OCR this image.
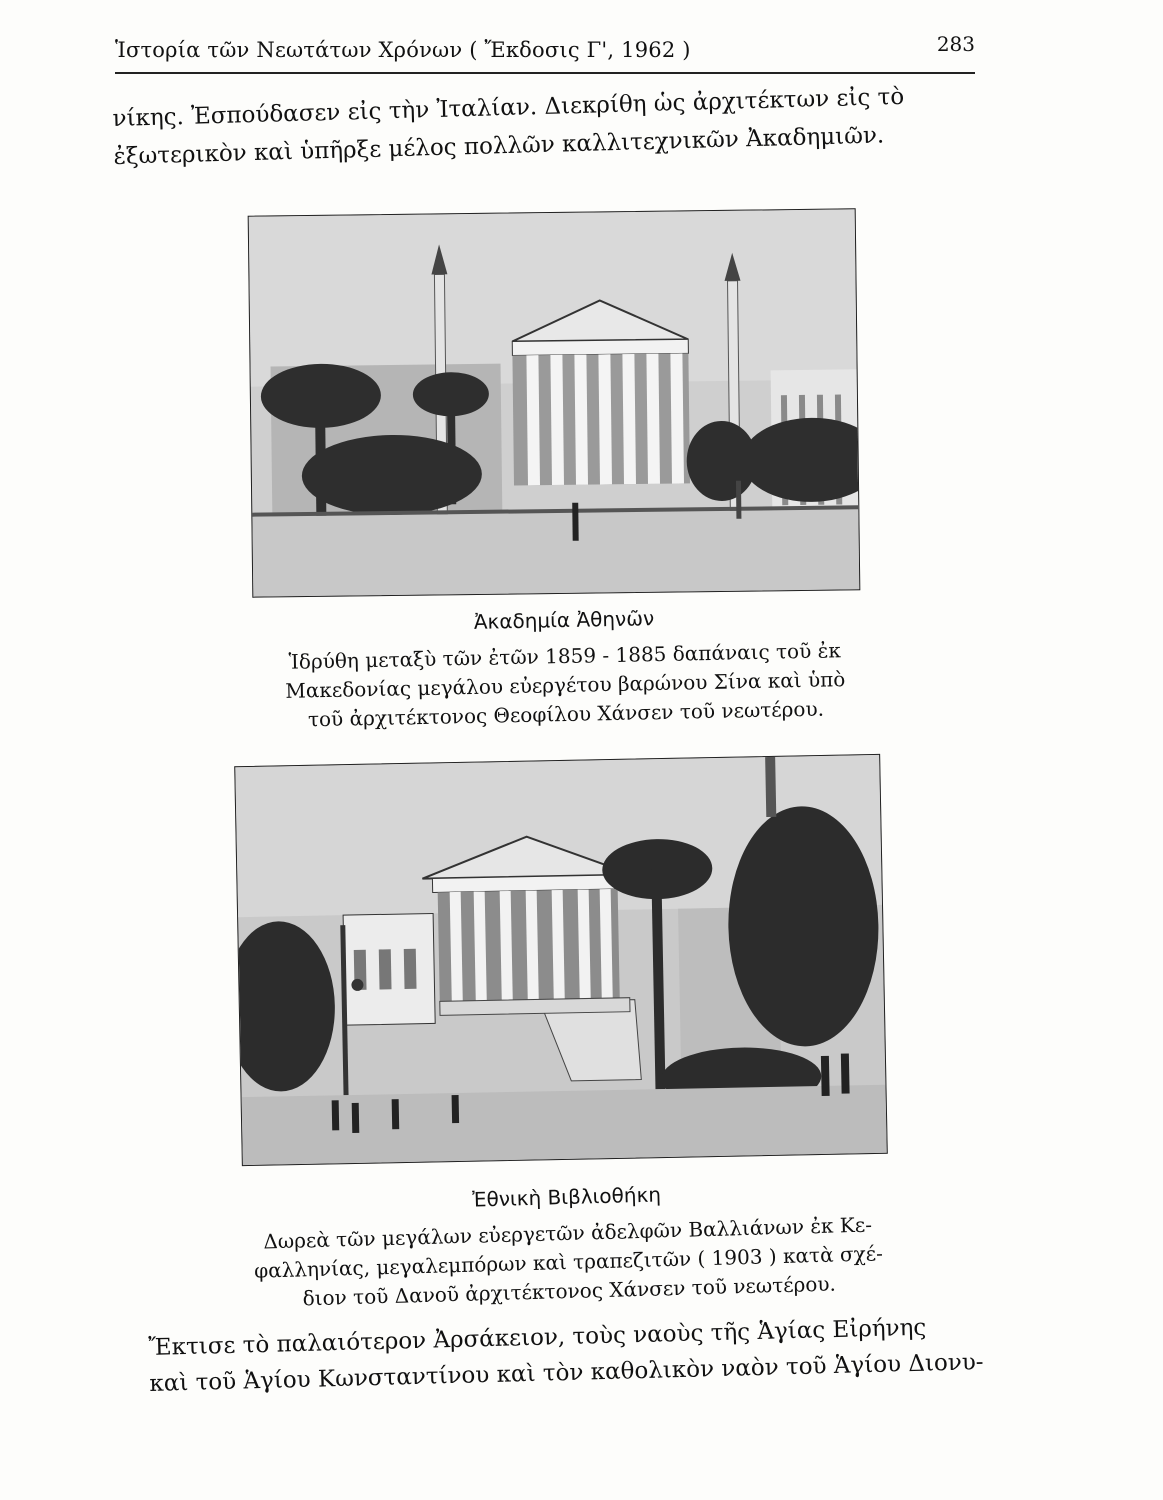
Ἱστορία τῶν Νεωτάτων Χρόνων ( Ἔκδοσις Γ', 1962 )	283

νίκης. Ἐσπούδασεν εἰς τὴν Ἰταλίαν. Διεκρίθη ὡς ἀρχιτέκτων εἰς τὸ

ἐξωτερικὸν καὶ ὑπῆρξε μέλος πολλῶν καλλιτεχνικῶν Ἀκαδημιῶν.

Ἀκαδημία Ἀθηνῶν
Ἱδρύθη μεταξὺ τῶν ἐτῶν 1859 - 1885 δαπάναις τοῦ ἐκ
Μακεδονίας μεγάλου εὐεργέτου βαρώνου Σίνα καὶ ὑπὸ
τοῦ ἀρχιτέκτονος Θεοφίλου Χάνσεν τοῦ νεωτέρου.
Ἐθνικὴ Βιβλιοθήκη
Δωρεὰ τῶν μεγάλων εὐεργετῶν ἀδελφῶν Βαλλιάνων ἐκ Κε-
φαλληνίας, μεγαλεμπόρων καὶ τραπεζιτῶν ( 1903 ) κατὰ σχέ-
διον τοῦ Δανοῦ ἀρχιτέκτονος Χάνσεν τοῦ νεωτέρου.

Ἔκτισε τὸ παλαιότερον Ἀρσάκειον, τοὺς ναοὺς τῆς Ἁγίας Εἰρήνης

καὶ τοῦ Ἁγίου Κωνσταντίνου καὶ τὸν καθολικὸν ναὸν τοῦ Ἁγίου Διονυ-
